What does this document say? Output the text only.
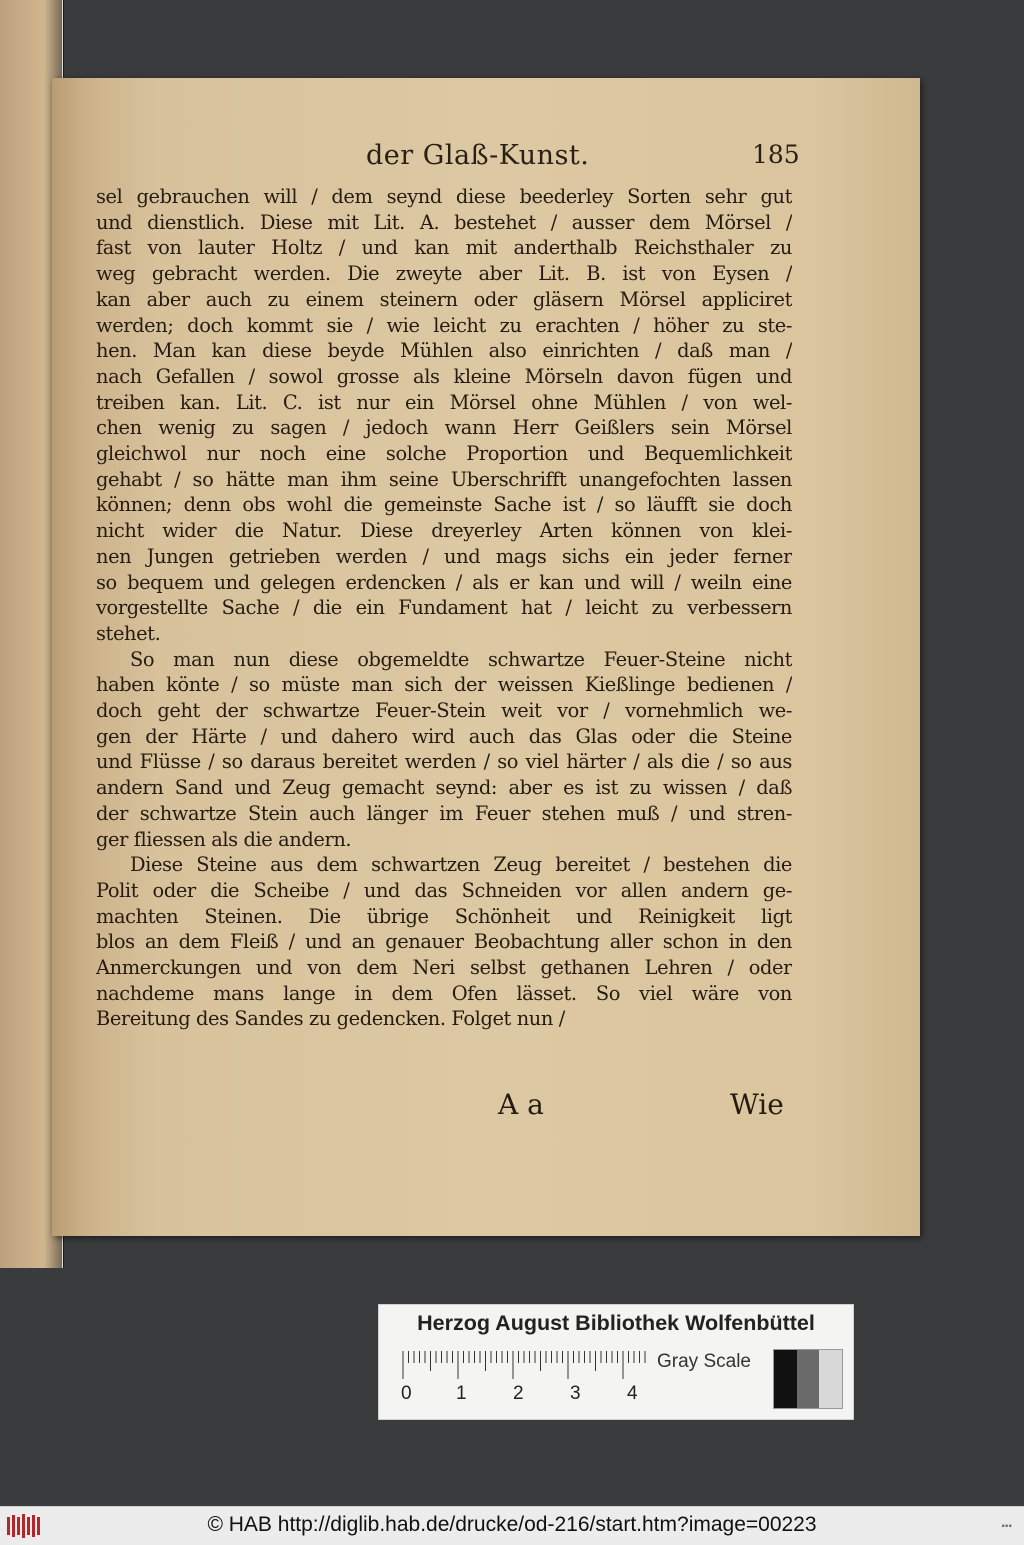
der Glaß-Kunst.	185
sel gebrauchen will / dem seynd diese beederley Sorten sehr gut
und dienstlich. Diese mit Lit. A. bestehet / ausser dem Mörsel /
fast von lauter Holtz / und kan mit anderthalb Reichsthaler zu
weg gebracht werden. Die zweyte aber Lit. B. ist von Eysen /
kan aber auch zu einem steinern oder gläsern Mörsel appliciret
werden; doch kommt sie / wie leicht zu erachten / höher zu ste-
hen. Man kan diese beyde Mühlen also einrichten / daß man /
nach Gefallen / sowol grosse als kleine Mörseln davon fügen und
treiben kan. Lit. C. ist nur ein Mörsel ohne Mühlen / von wel-
chen wenig zu sagen / jedoch wann Herr Geißlers sein Mörsel
gleichwol nur noch eine solche Proportion und Bequemlichkeit
gehabt / so hätte man ihm seine Uberschrifft unangefochten lassen
können; denn obs wohl die gemeinste Sache ist / so läufft sie doch
nicht wider die Natur. Diese dreyerley Arten können von klei-
nen Jungen getrieben werden / und mags sichs ein jeder ferner
so bequem und gelegen erdencken / als er kan und will / weiln eine
vorgestellte Sache / die ein Fundament hat / leicht zu verbessern
stehet.
So man nun diese obgemeldte schwartze Feuer-Steine nicht
haben könte / so müste man sich der weissen Kießlinge bedienen /
doch geht der schwartze Feuer-Stein weit vor / vornehmlich we-
gen der Härte / und dahero wird auch das Glas oder die Steine
und Flüsse / so daraus bereitet werden / so viel härter / als die / so aus
andern Sand und Zeug gemacht seynd: aber es ist zu wissen / daß
der schwartze Stein auch länger im Feuer stehen muß / und stren-
ger fliessen als die andern.
Diese Steine aus dem schwartzen Zeug bereitet / bestehen die
Polit oder die Scheibe / und das Schneiden vor allen andern ge-
machten Steinen. Die übrige Schönheit und Reinigkeit ligt
blos an dem Fleiß / und an genauer Beobachtung aller schon in den
Anmerckungen und von dem Neri selbst gethanen Lehren / oder
nachdeme mans lange in dem Ofen lässet. So viel wäre von
Bereitung des Sandes zu gedencken. Folget nun /
A a	Wie
Herzog August Bibliothek Wolfenbüttel
0 1 2 3 4
Gray Scale
© HAB http://diglib.hab.de/drucke/od-216/start.htm?image=00223	▪▪▪
